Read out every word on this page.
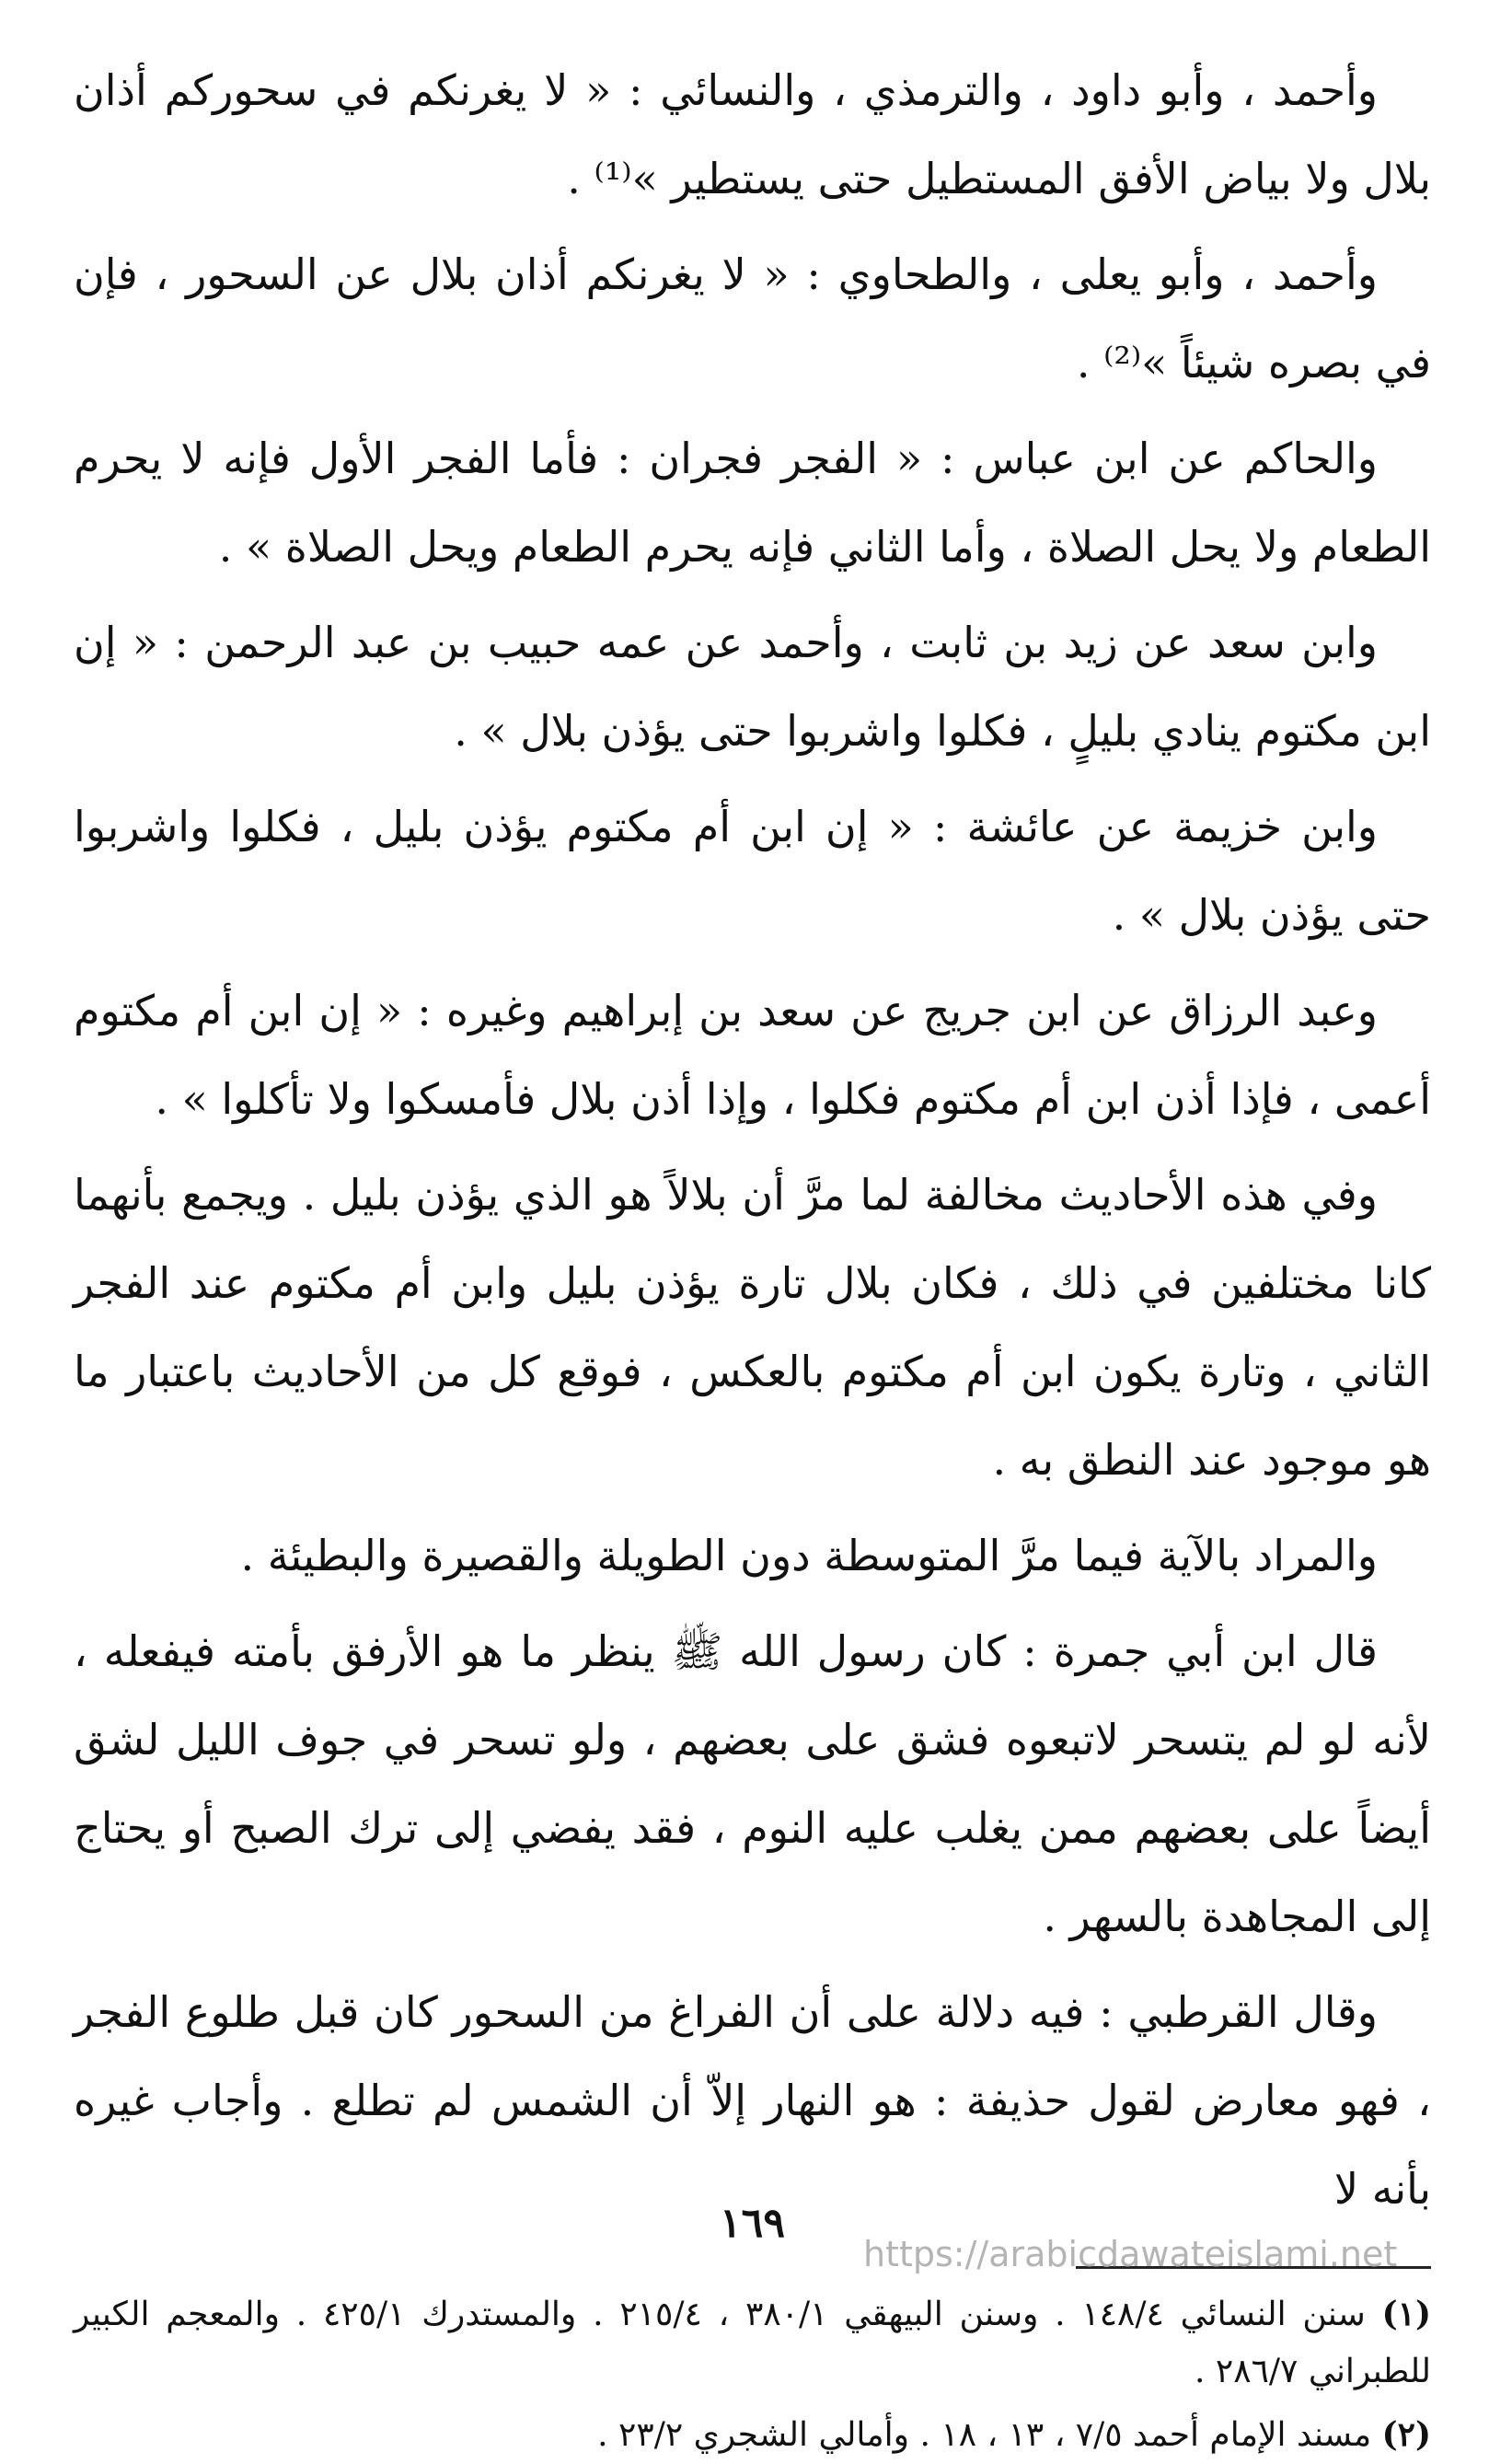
وأحمد ، وأبو داود ، والترمذي ، والنسائي : « لا يغرنكم في سحوركم أذان بلال ولا بياض الأفق المستطيل حتى يستطير »⁽¹⁾ .

وأحمد ، وأبو يعلى ، والطحاوي : « لا يغرنكم أذان بلال عن السحور ، فإن في بصره شيئاً »⁽²⁾ .

والحاكم عن ابن عباس : « الفجر فجران : فأما الفجر الأول فإنه لا يحرم الطعام ولا يحل الصلاة ، وأما الثاني فإنه يحرم الطعام ويحل الصلاة » .

وابن سعد عن زيد بن ثابت ، وأحمد عن عمه حبيب بن عبد الرحمن : « إن ابن مكتوم ينادي بليلٍ ، فكلوا واشربوا حتى يؤذن بلال » .

وابن خزيمة عن عائشة : « إن ابن أم مكتوم يؤذن بليل ، فكلوا واشربوا حتى يؤذن بلال » .

وعبد الرزاق عن ابن جريج عن سعد بن إبراهيم وغيره : « إن ابن أم مكتوم أعمى ، فإذا أذن ابن أم مكتوم فكلوا ، وإذا أذن بلال فأمسكوا ولا تأكلوا » .

وفي هذه الأحاديث مخالفة لما مرَّ أن بلالاً هو الذي يؤذن بليل . ويجمع بأنهما كانا مختلفين في ذلك ، فكان بلال تارة يؤذن بليل وابن أم مكتوم عند الفجر الثاني ، وتارة يكون ابن أم مكتوم بالعكس ، فوقع كل من الأحاديث باعتبار ما هو موجود عند النطق به .

والمراد بالآية فيما مرَّ المتوسطة دون الطويلة والقصيرة والبطيئة .

قال ابن أبي جمرة : كان رسول الله ﷺ ينظر ما هو الأرفق بأمته فيفعله ، لأنه لو لم يتسحر لاتبعوه فشق على بعضهم ، ولو تسحر في جوف الليل لشق أيضاً على بعضهم ممن يغلب عليه النوم ، فقد يفضي إلى ترك الصبح أو يحتاج إلى المجاهدة بالسهر .

وقال القرطبي : فيه دلالة على أن الفراغ من السحور كان قبل طلوع الفجر ، فهو معارض لقول حذيفة : هو النهار إلاّ أن الشمس لم تطلع . وأجاب غيره بأنه لا

(١) سنن النسائي ١٤٨/٤ . وسنن البيهقي ٣٨٠/١ ، ٢١٥/٤ . والمستدرك ٤٢٥/١ . والمعجم الكبير للطبراني ٢٨٦/٧ .

(٢) مسند الإمام أحمد ٧/٥ ، ١٣ ، ١٨ . وأمالي الشجري ٢٣/٢ .

١٦٩
https://arabicdawateislami.net
